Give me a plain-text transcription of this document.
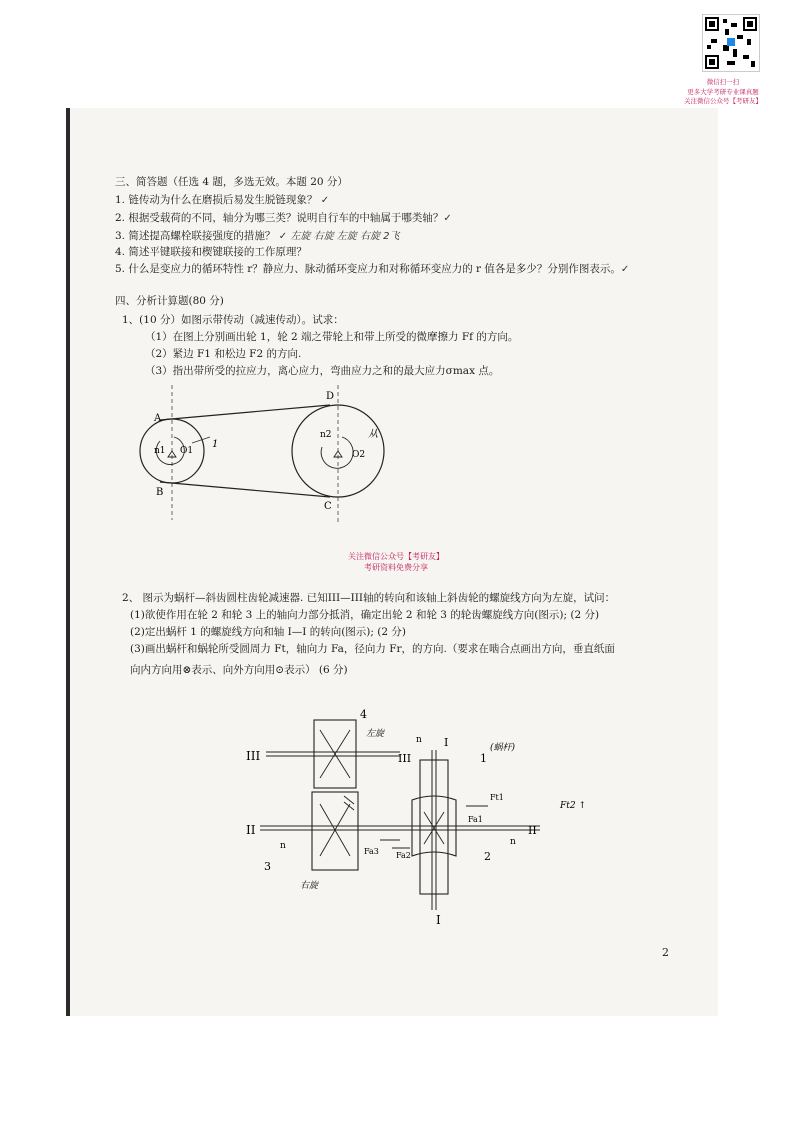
微信扫一扫
更多大学考研专业课真题
关注微信公众号【考研友】
三、简答题（任选 4 题，多选无效。本题 20 分）
1. 链传动为什么在磨损后易发生脱链现象？ ✓
2. 根据受载荷的不同，轴分为哪三类？说明自行车的中轴属于哪类轴？✓
3. 简述提高螺栓联接强度的措施？ ✓ 左旋 右旋 左旋 右旋 2飞
4. 简述平键联接和楔键联接的工作原理？
5. 什么是变应力的循环特性 r？静应力、脉动循环变应力和对称循环变应力的 r 值各是多少？分别作图表示。✓
四、分析计算题(80 分)
1、(10 分）如图示带传动（减速传动）。试求：
（1）在图上分别画出轮 1，轮 2 端之带轮上和带上所受的微摩擦力 Ff 的方向。
（2）紧边 F1 和松边 F2 的方向.
（3）指出带所受的拉应力，离心应力，弯曲应力之和的最大应力σmax 点。
A
B
C
D
n1 O1
n2
O2
1
从
关注微信公众号【考研友】
考研资料免费分享
2、 图示为蜗杆—斜齿圆柱齿轮减速器. 已知III—III轴的转向和该轴上斜齿轮的螺旋线方向为左旋，试问：
(1)欲使作用在轮 2 和轮 3 上的轴向力部分抵消，确定出轮 2 和轮 3 的轮齿螺旋线方向(图示); (2 分)
(2)定出蜗杆 1 的螺旋线方向和轴 I—I 的转向(图示); (2 分)
(3)画出蜗杆和蜗轮所受圆周力 Ft，轴向力 Fa，径向力 Fr，的方向.（要求在啮合点画出方向，垂直纸面
向内方向用⊗表示、向外方向用⊙表示） (6 分)
III	III
II	II
I
I
n
n	n
4
左旋
3
右旋
1
(蜗杆)
2
Ft1
Fa1
Fa2
Fa3
Ft2 ↑
2
